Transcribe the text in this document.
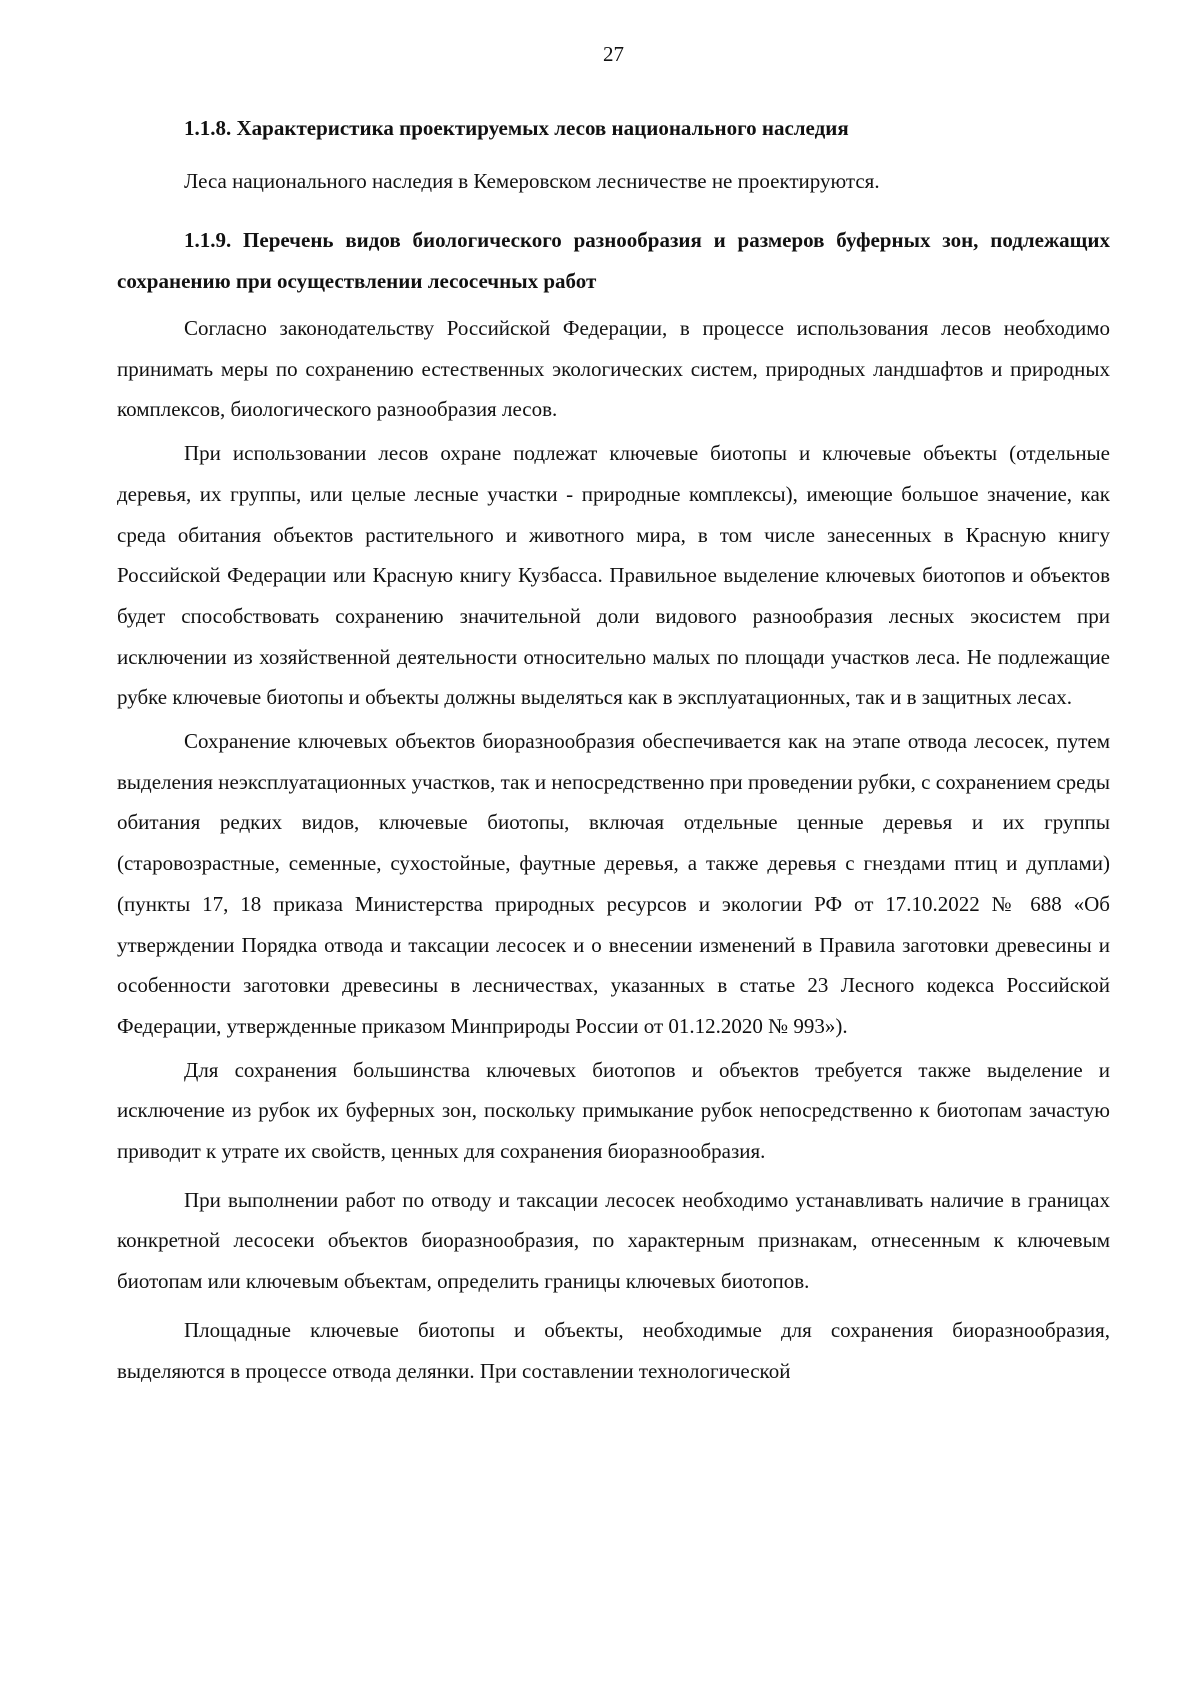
27
1.1.8. Характеристика проектируемых лесов национального наследия

Леса национального наследия в Кемеровском лесничестве не проектируются.

1.1.9. Перечень видов биологического разнообразия и размеров буферных зон, подлежащих сохранению при осуществлении лесосечных работ

Согласно законодательству Российской Федерации, в процессе использования лесов необходимо принимать меры по сохранению естественных экологических систем, природных ландшафтов и природных комплексов, биологического разнообразия лесов.

При использовании лесов охране подлежат ключевые биотопы и ключевые объекты (отдельные деревья, их группы, или целые лесные участки - природные комплексы), имеющие большое значение, как среда обитания объектов растительного и животного мира, в том числе занесенных в Красную книгу Российской Федерации или Красную книгу Кузбасса. Правильное выделение ключевых биотопов и объектов будет способствовать сохранению значительной доли видового разнообразия лесных экосистем при исключении из хозяйственной деятельности относительно малых по площади участков леса. Не подлежащие рубке ключевые биотопы и объекты должны выделяться как в эксплуатационных, так и в защитных лесах.

Сохранение ключевых объектов биоразнообразия обеспечивается как на этапе отвода лесосек, путем выделения неэксплуатационных участков, так и непосредственно при проведении рубки, с сохранением среды обитания редких видов, ключевые биотопы, включая отдельные ценные деревья и их группы (старовозрастные, семенные, сухостойные, фаутные деревья, а также деревья с гнездами птиц и дуплами) (пункты 17, 18 приказа Министерства природных ресурсов и экологии РФ от 17.10.2022 № 688 «Об утверждении Порядка отвода и таксации лесосек и о внесении изменений в Правила заготовки древесины и особенности заготовки древесины в лесничествах, указанных в статье 23 Лесного кодекса Российской Федерации, утвержденные приказом Минприроды России от 01.12.2020 № 993»).

Для сохранения большинства ключевых биотопов и объектов требуется также выделение и исключение из рубок их буферных зон, поскольку примыкание рубок непосредственно к биотопам зачастую приводит к утрате их свойств, ценных для сохранения биоразнообразия.

При выполнении работ по отводу и таксации лесосек необходимо устанавливать наличие в границах конкретной лесосеки объектов биоразнообразия, по характерным признакам, отнесенным к ключевым биотопам или ключевым объектам, определить границы ключевых биотопов.

Площадные ключевые биотопы и объекты, необходимые для сохранения биоразнообразия, выделяются в процессе отвода делянки. При составлении технологической
